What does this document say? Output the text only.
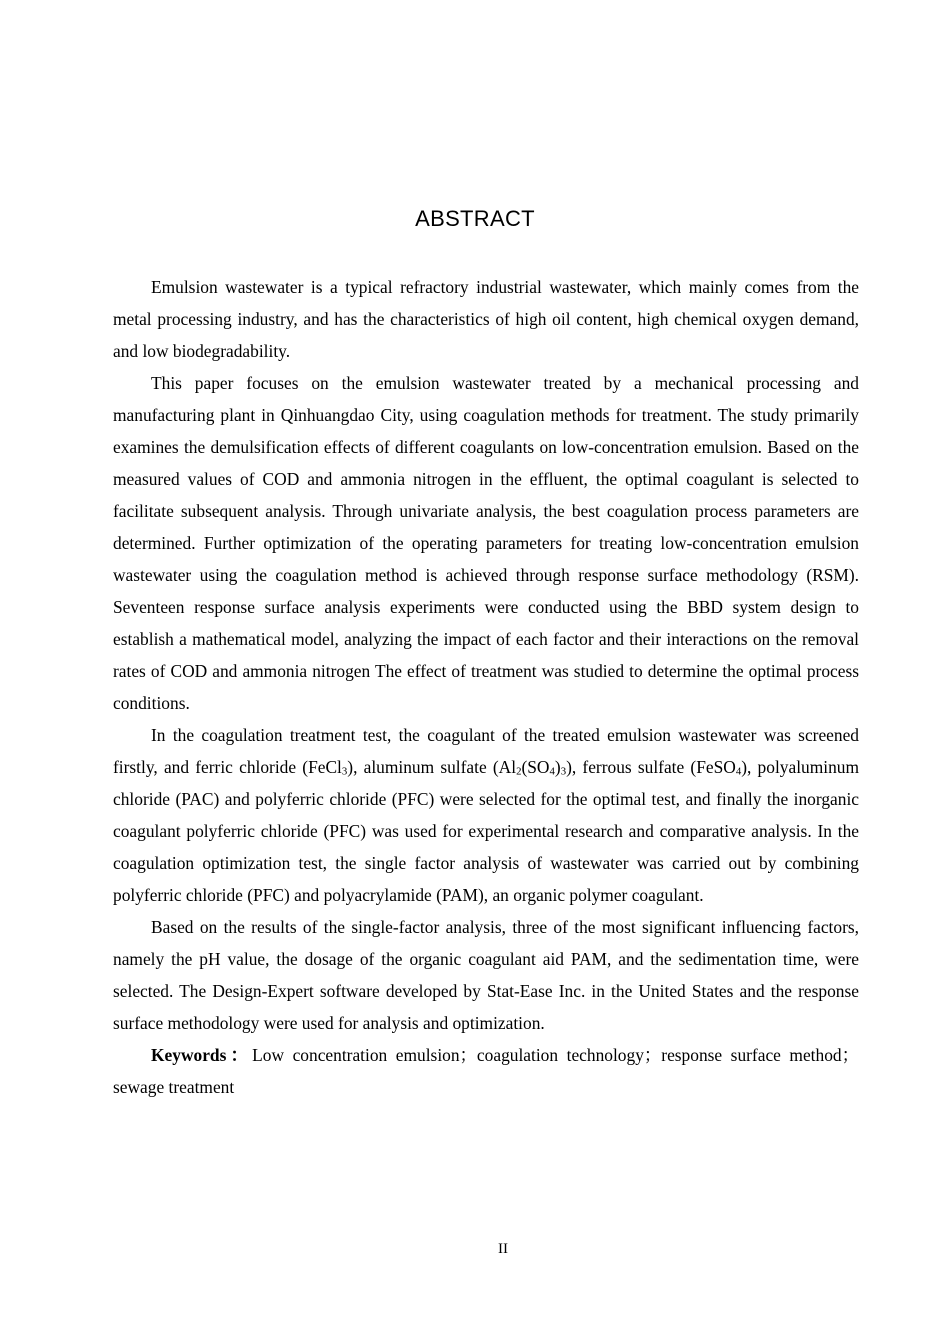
ABSTRACT

Emulsion wastewater is a typical refractory industrial wastewater, which mainly comes from the metal processing industry, and has the characteristics of high oil content, high chemical oxygen demand, and low biodegradability.

This paper focuses on the emulsion wastewater treated by a mechanical processing and manufacturing plant in Qinhuangdao City, using coagulation methods for treatment. The study primarily examines the demulsification effects of different coagulants on low-concentration emulsion. Based on the measured values of COD and ammonia nitrogen in the effluent, the optimal coagulant is selected to facilitate subsequent analysis. Through univariate analysis, the best coagulation process parameters are determined. Further optimization of the operating parameters for treating low-concentration emulsion wastewater using the coagulation method is achieved through response surface methodology (RSM). Seventeen response surface analysis experiments were conducted using the BBD system design to establish a mathematical model, analyzing the impact of each factor and their interactions on the removal rates of COD and ammonia nitrogen The effect of treatment was studied to determine the optimal process conditions.

In the coagulation treatment test, the coagulant of the treated emulsion wastewater was screened firstly, and ferric chloride (FeCl$_3$), aluminum sulfate $(Al_2(SO_4)_3)$, ferrous sulfate (FeSO$_4$), polyaluminum chloride (PAC) and polyferric chloride (PFC) were selected for the optimal test, and finally the inorganic coagulant polyferric chloride (PFC) was used for experimental research and comparative analysis. In the coagulation optimization test, the single factor analysis of wastewater was carried out by combining polyferric chloride (PFC) and polyacrylamide (PAM), an organic polymer coagulant.

Based on the results of the single-factor analysis, three of the most significant influencing factors, namely the pH value, the dosage of the organic coagulant aid PAM, and the sedimentation time, were selected. The Design-Expert software developed by Stat-Ease Inc. in the United States and the response surface methodology were used for analysis and optimization.

Keywords：Low concentration emulsion；coagulation technology；response surface method；sewage treatment

II
